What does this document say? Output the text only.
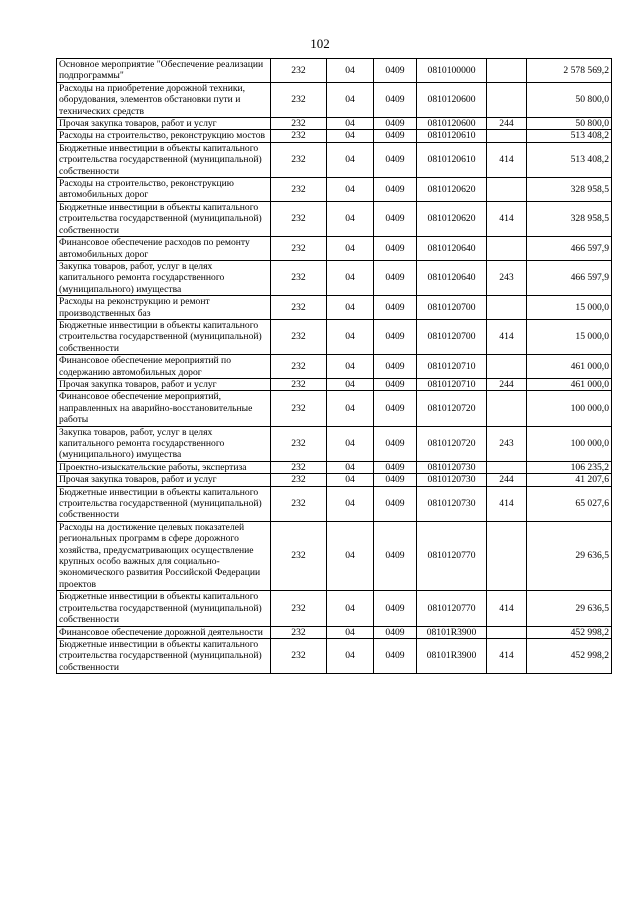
102
Основное мероприятие "Обеспечение реализации подпрограммы"	232	04	0409	0810100000		2 578 569,2
Расходы на приобретение дорожной техники, оборудования, элементов обстановки пути и технических средств	232	04	0409	0810120600		50 800,0
Прочая закупка товаров, работ и услуг	232	04	0409	0810120600	244	50 800,0
Расходы на строительство, реконструкцию мостов	232	04	0409	0810120610		513 408,2
Бюджетные инвестиции в объекты капитального строительства государственной (муниципальной) собственности	232	04	0409	0810120610	414	513 408,2
Расходы на строительство, реконструкцию автомобильных дорог	232	04	0409	0810120620		328 958,5
Бюджетные инвестиции в объекты капитального строительства государственной (муниципальной) собственности	232	04	0409	0810120620	414	328 958,5
Финансовое обеспечение расходов по ремонту автомобильных дорог	232	04	0409	0810120640		466 597,9
Закупка товаров, работ, услуг в целях капитального ремонта государственного (муниципального) имущества	232	04	0409	0810120640	243	466 597,9
Расходы на реконструкцию и ремонт производственных баз	232	04	0409	0810120700		15 000,0
Бюджетные инвестиции в объекты капитального строительства государственной (муниципальной) собственности	232	04	0409	0810120700	414	15 000,0
Финансовое обеспечение мероприятий по содержанию автомобильных дорог	232	04	0409	0810120710		461 000,0
Прочая закупка товаров, работ и услуг	232	04	0409	0810120710	244	461 000,0
Финансовое обеспечение мероприятий, направленных на аварийно-восстановительные работы	232	04	0409	0810120720		100 000,0
Закупка товаров, работ, услуг в целях капитального ремонта государственного (муниципального) имущества	232	04	0409	0810120720	243	100 000,0
Проектно-изыскательские работы, экспертиза	232	04	0409	0810120730		106 235,2
Прочая закупка товаров, работ и услуг	232	04	0409	0810120730	244	41 207,6
Бюджетные инвестиции в объекты капитального строительства государственной (муниципальной) собственности	232	04	0409	0810120730	414	65 027,6
Расходы на достижение целевых показателей региональных программ в сфере дорожного хозяйства, предусматривающих осуществление крупных особо важных для социально-экономического развития Российской Федерации проектов	232	04	0409	0810120770		29 636,5
Бюджетные инвестиции в объекты капитального строительства государственной (муниципальной) собственности	232	04	0409	0810120770	414	29 636,5
Финансовое обеспечение дорожной деятельности	232	04	0409	08101R3900		452 998,2
Бюджетные инвестиции в объекты капитального строительства государственной (муниципальной) собственности	232	04	0409	08101R3900	414	452 998,2
